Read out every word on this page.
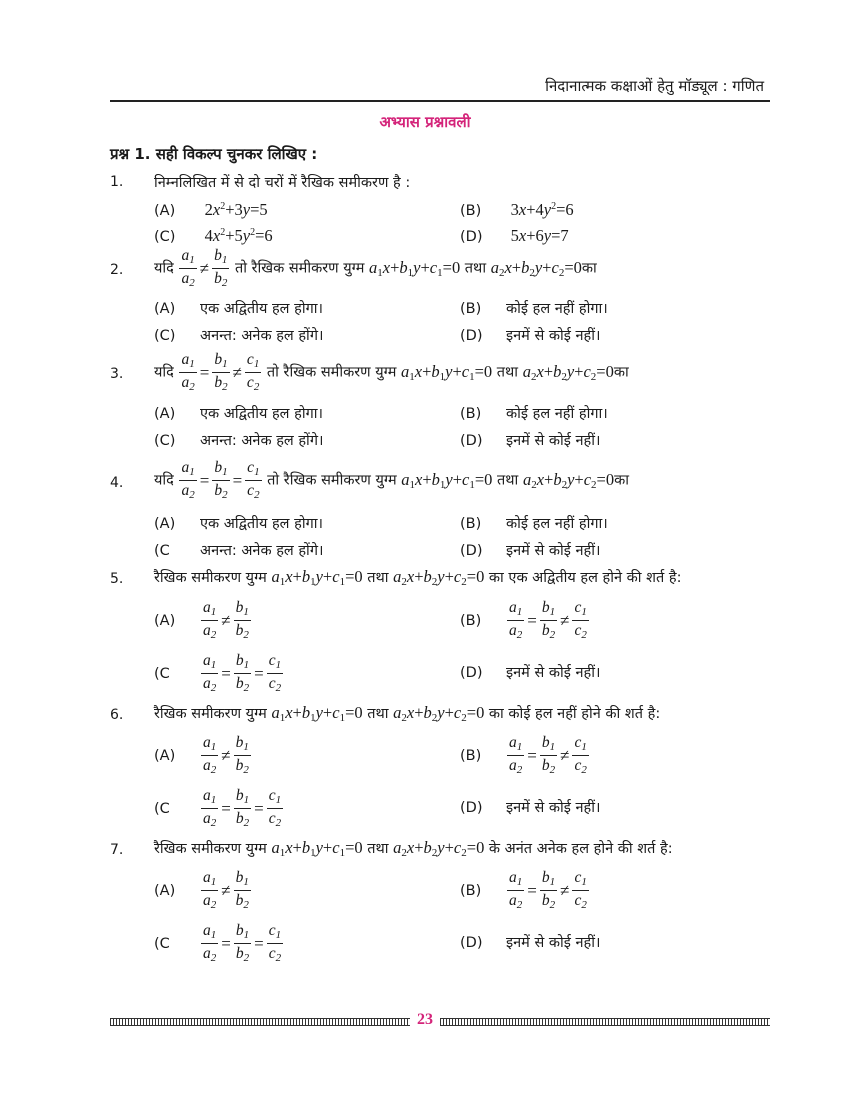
निदानात्मक कक्षाओं हेतु मॉड्यूल : गणित
अभ्यास प्रश्नावली
प्रश्न 1. सही विकल्प चुनकर लिखिए :
1. निम्नलिखित में से दो चरों में रैखिक समीकरण है :
(A) $2x^2+3y=5$	(B) $3x+4y^2=6$
(C) $4x^2+5y^2=6$	(D) 5x+6y=7
2. यदि $\frac{a_1}{a_2} \ne \frac{b_1}{b_2}$ तो रैखिक समीकरण युग्म $a_1x+b_1y+c_1=0$ तथा $a_2x+b_2y+c_2=0का$
(A) एक अद्वितीय हल होगा।	(B) कोई हल नहीं होगा।
(C) अनन्त: अनेक हल होंगे।	(D) इनमें से कोई नहीं।
3. यदि $\frac{a_1}{a_2} = \frac{b_1}{b_2} \ne \frac{c_1}{c_2}$ तो रैखिक समीकरण युग्म $a_1x+b_1y+c_1=0$ तथा $a_2x+b_2y+c_2=0का$
(A) एक अद्वितीय हल होगा।	(B) कोई हल नहीं होगा।
(C) अनन्त: अनेक हल होंगे।	(D) इनमें से कोई नहीं।
4. यदि $\frac{a_1}{a_2} = \frac{b_1}{b_2} = \frac{c_1}{c_2}$ तो रैखिक समीकरण युग्म $a_1x+b_1y+c_1=0$ तथा $a_2x+b_2y+c_2=0का$
(A) एक अद्वितीय हल होगा।	(B) कोई हल नहीं होगा।
(C अनन्त: अनेक हल होंगे।	(D) इनमें से कोई नहीं।
5. रैखिक समीकरण युग्म $a_1x+b_1y+c_1=0$ तथा $a_2x+b_2y+c_2=0$ का एक अद्वितीय हल होने की शर्त है:
$(A) \frac{a_1}{a_2} \ne \frac{b_1}{b_2}$	$(B) \frac{a_1}{a_2} = \frac{b_1}{b_2} \ne \frac{c_1}{c_2}$
($C \frac{a_1}{a_2} = \frac{b_1}{b_2} = \frac{c_1}{c_2}$	(D) इनमें से कोई नहीं।
6. रैखिक समीकरण युग्म $a_1x+b_1y+c_1=0$ तथा $a_2x+b_2y+c_2=0$ का कोई हल नहीं होने की शर्त है:
$(A) \frac{a_1}{a_2} \ne \frac{b_1}{b_2}$	$(B) \frac{a_1}{a_2} = \frac{b_1}{b_2} \ne \frac{c_1}{c_2}$
($C \frac{a_1}{a_2} = \frac{b_1}{b_2} = \frac{c_1}{c_2}$	(D) इनमें से कोई नहीं।
7. रैखिक समीकरण युग्म $a_1x+b_1y+c_1=0$ तथा $a_2x+b_2y+c_2=0$ के अनंत अनेक हल होने की शर्त है:
$(A) \frac{a_1}{a_2} \ne \frac{b_1}{b_2}$	$(B) \frac{a_1}{a_2} = \frac{b_1}{b_2} \ne \frac{c_1}{c_2}$
($C \frac{a_1}{a_2} = \frac{b_1}{b_2} = \frac{c_1}{c_2}$	(D) इनमें से कोई नहीं।
23
